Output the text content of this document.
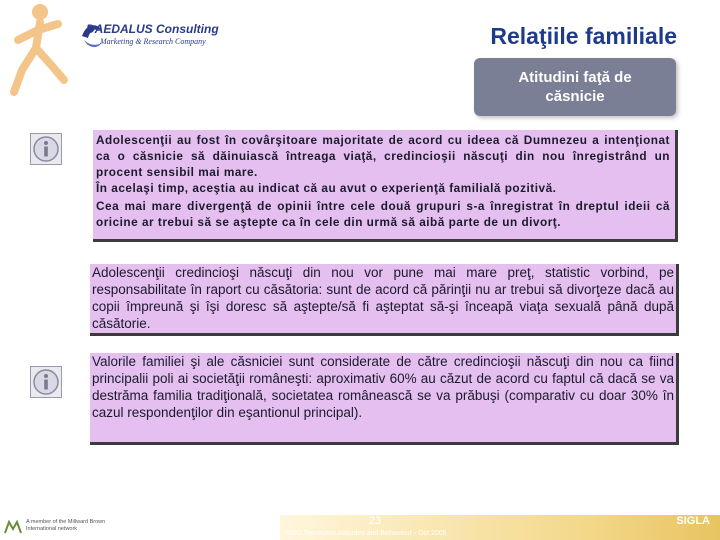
DAEDALUS Consulting
Marketing & Research Company	Relaţiile familiale
Atitudini faţă de
căsnicie

Adolescenţii au fost în covârşitoare majoritate de acord cu ideea că Dumnezeu a intenţionat ca o căsnicie să dăinuiască întreaga viaţă, credincioşii născuţi din nou înregistrând un procent sensibil mai mare.

În acelaşi timp, aceştia au indicat că au avut o experienţă familială pozitivă.

Cea mai mare divergenţă de opinii între cele două grupuri s-a înregistrat în dreptul ideii că oricine ar trebui să se aştepte ca în cele din urmă să aibă parte de un divorţ.

Adolescenţii credincioşi născuţi din nou vor pune mai mare preţ, statistic vorbind, pe responsabilitate în raport cu căsătoria: sunt de acord că părinţii nu ar trebui să divorţeze dacă au copii împreună şi îşi doresc să aştepte/să fi aşteptat să-şi înceapă viaţa sexuală până după căsătorie.
Valorile familiei şi ale căsniciei sunt considerate de către credincioşii născuţi din nou ca fiind principalii poli ai societăţii româneşti: aproximativ 60% au căzut de acord cu faptul că dacă se va destrăma familia tradiţională, societatea românească se va prăbuşi (comparativ cu doar 30% în cazul respondenţilor din eşantionul principal).
23
SIGO Teenagers Attitudes and Behaviour - Oct 2005
SIGLA
A member of the Millward Brown International network
